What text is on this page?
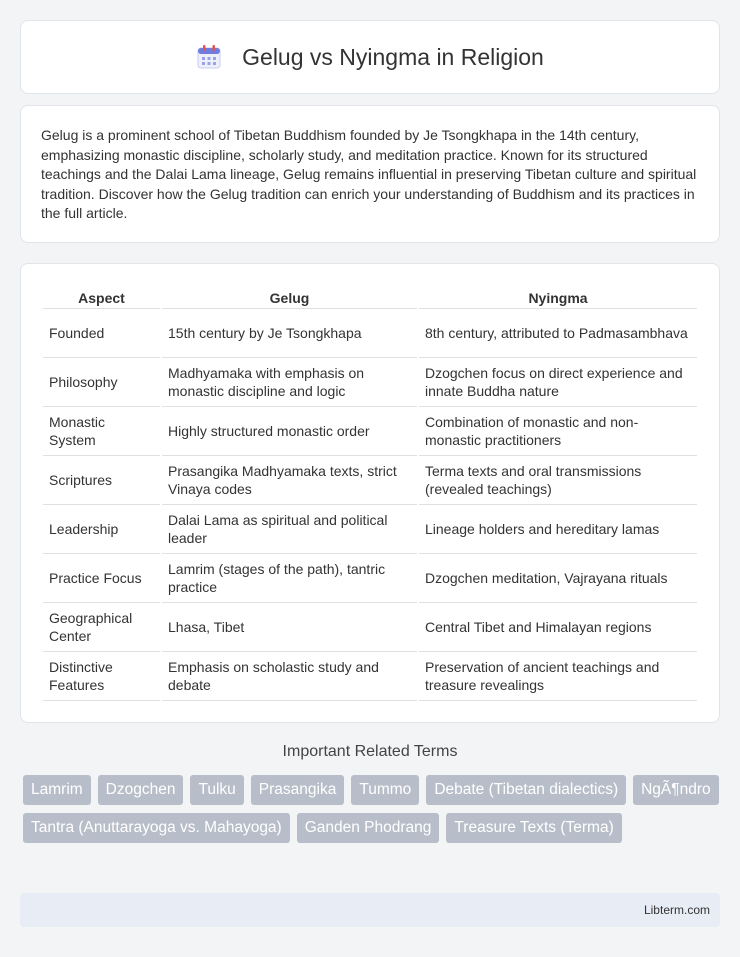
Gelug vs Nyingma in Religion

Gelug is a prominent school of Tibetan Buddhism founded by Je Tsongkhapa in the 14th century, emphasizing monastic discipline, scholarly study, and meditation practice. Known for its structured teachings and the Dalai Lama lineage, Gelug remains influential in preserving Tibetan culture and spiritual tradition. Discover how the Gelug tradition can enrich your understanding of Buddhism and its practices in the full article.

Aspect	Gelug	Nyingma
Founded	15th century by Je Tsongkhapa	8th century, attributed to Padmasambhava
Philosophy	Madhyamaka with emphasis on monastic discipline and logic	Dzogchen focus on direct experience and innate Buddha nature
Monastic System	Highly structured monastic order	Combination of monastic and non-monastic practitioners
Scriptures	Prasangika Madhyamaka texts, strict Vinaya codes	Terma texts and oral transmissions (revealed teachings)
Leadership	Dalai Lama as spiritual and political leader	Lineage holders and hereditary lamas
Practice Focus	Lamrim (stages of the path), tantric practice	Dzogchen meditation, Vajrayana rituals
Geographical Center	Lhasa, Tibet	Central Tibet and Himalayan regions
Distinctive Features	Emphasis on scholastic study and debate	Preservation of ancient teachings and treasure revealings
Important Related Terms
Lamrim	Dzogchen	Tulku	Prasangika	Tummo	Debate (Tibetan dialectics)	NgÃ¶ndro
Tantra (Anuttarayoga vs. Mahayoga)	Ganden Phodrang	Treasure Texts (Terma)
Libterm.com
